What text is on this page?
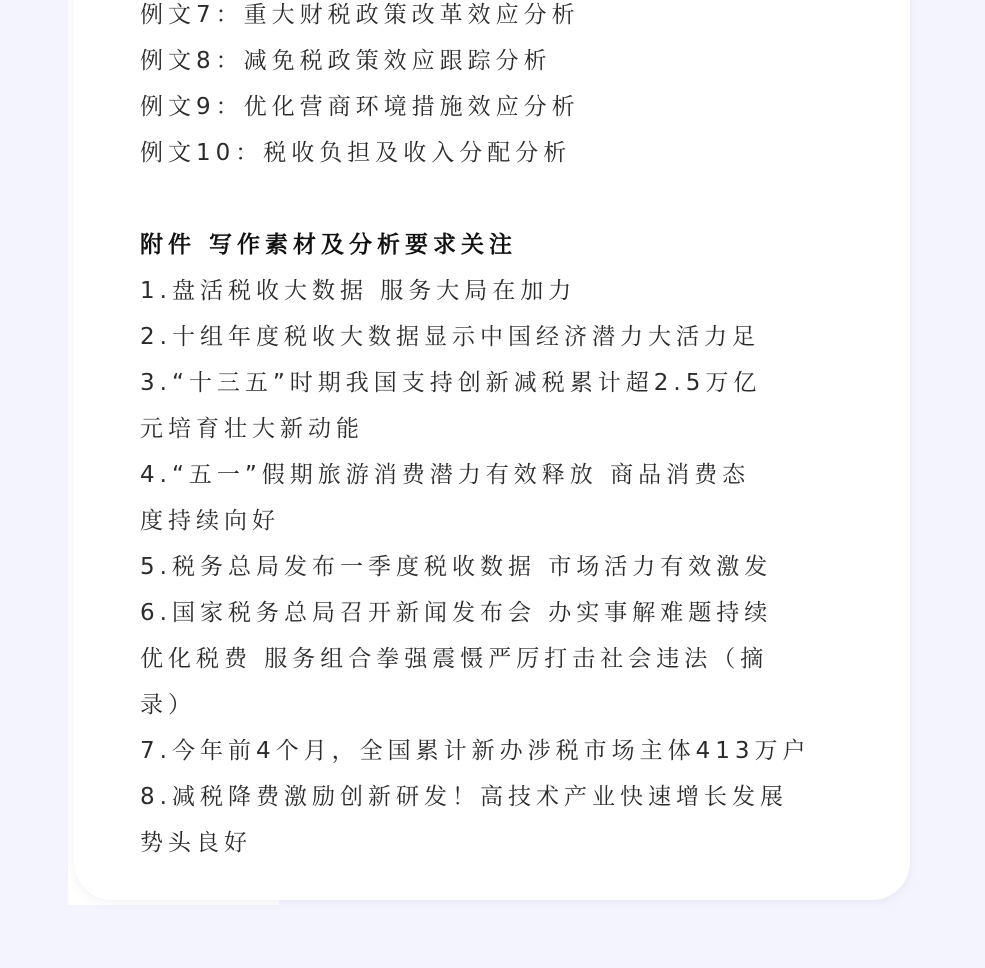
例文7：重大财税政策改革效应分析
例文8：减免税政策效应跟踪分析
例文9：优化营商环境措施效应分析
例文10：税收负担及收入分配分析
附件 写作素材及分析要求关注
1.盘活税收大数据 服务大局在加力
2.十组年度税收大数据显示中国经济潜力大活力足
3.“十三五”时期我国支持创新减税累计超2.5万亿
元培育壮大新动能
4.“五一”假期旅游消费潜力有效释放 商品消费态
度持续向好
5.税务总局发布一季度税收数据 市场活力有效激发
6.国家税务总局召开新闻发布会 办实事解难题持续
优化税费 服务组合拳强震慑严厉打击社会违法（摘
录）
7.今年前4个月，全国累计新办涉税市场主体413万户
8.减税降费激励创新研发！高技术产业快速增长发展
势头良好
